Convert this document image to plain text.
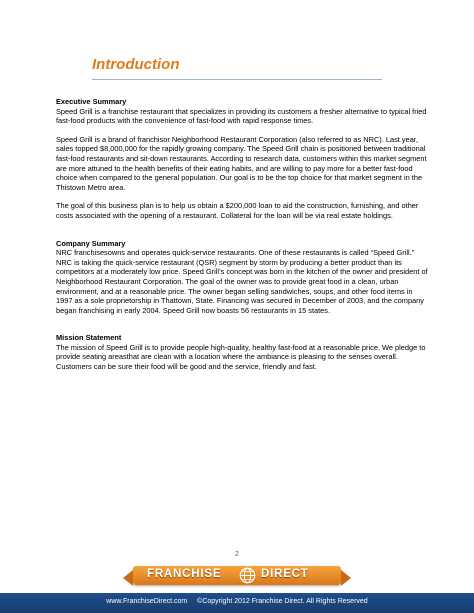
Introduction

Executive Summary

Speed Grill is a franchise restaurant that specializes in providing its customers a fresher alternative to typical fried fast-food products with the convenience of fast-food with rapid response times.

Speed Grill is a brand of franchisor Neighborhood Restaurant Corporation (also referred to as NRC). Last year, sales topped $8,000,000 for the rapidly growing company. The Speed Grill chain is positioned between traditional fast-food restaurants and sit-down restaurants. According to research data, customers within this market segment are more attuned to the health benefits of their eating habits, and are willing to pay more for a better fast-food choice when compared to the general population. Our goal is to be the top choice for that market segment in the Thistown Metro area.

The goal of this business plan is to help us obtain a $200,000 loan to aid the construction, furnishing, and other costs associated with the opening of a restaurant. Collateral for the loan will be via real estate holdings.

Company Summary

NRC franchisesowns and operates quick-service restaurants. One of these restaurants is called “Speed Grill.” NRC is taking the quick-service restaurant (QSR) segment by storm by producing a better product than its competitors at a moderately low price. Speed Grill’s concept was born in the kitchen of the owner and president of Neighborhood Restaurant Corporation. The goal of the owner was to provide great food in a clean, urban environment, and at a reasonable price. The owner began selling sandwiches, soups, and other food items in 1997 as a sole proprietorship in Thattown, State. Financing was secured in December of 2003, and the company began franchising in early 2004. Speed Grill now boasts 56 restaurants in 15 states.

Mission Statement

The mission of Speed Grill is to provide people high-quality, healthy fast-food at a reasonable price. We pledge to provide seating areasthat are clean with a location where the ambiance is pleasing to the senses overall. Customers can be sure their food will be good and the service, friendly and fast.

2
www.FranchiseDirect.com ©Copyright 2012 Franchise Direct. All Rights Reserved
FRANCHISE	DIRECT
